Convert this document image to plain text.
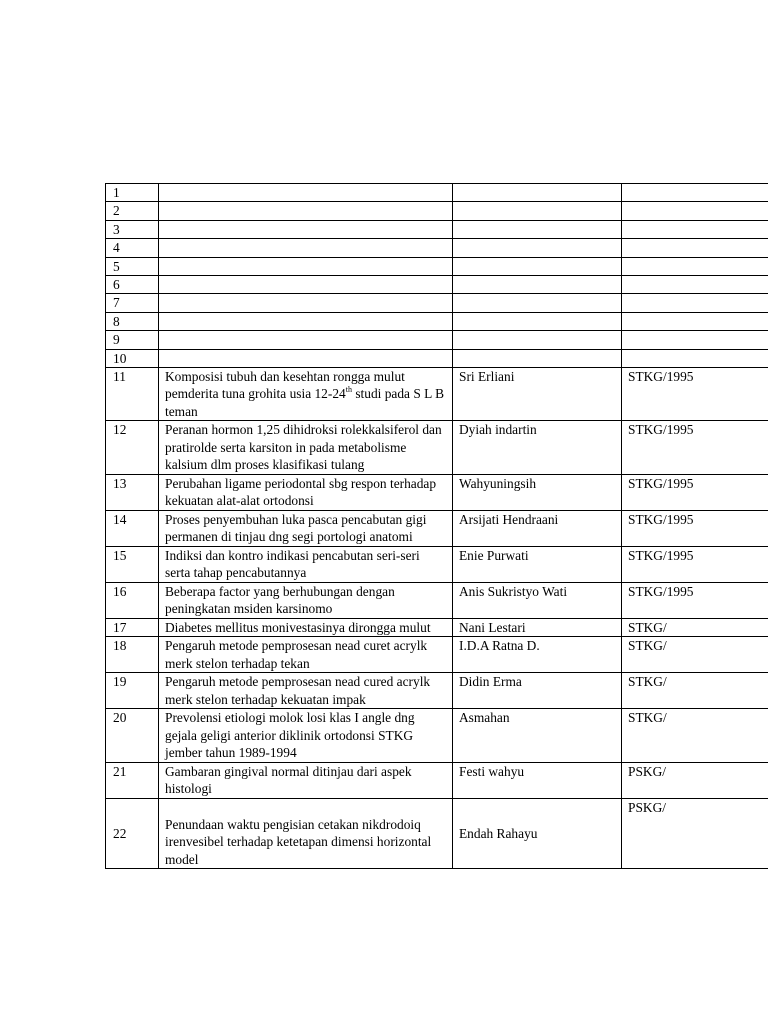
1			
2			
3			
4			
5			
6			
7			
8			
9			
10			
11	Komposisi tubuh dan kesehtan rongga mulut pemderita tuna grohita usia 12-24th studi pada S L B teman	Sri Erliani	STKG/1995
12	Peranan hormon 1,25 dihidroksi rolekkalsiferol dan pratirolde serta karsiton in pada metabolisme kalsium dlm proses klasifikasi tulang	Dyiah indartin	STKG/1995
13	Perubahan ligame periodontal sbg respon terhadap kekuatan alat-alat ortodonsi	Wahyuningsih	STKG/1995
14	Proses penyembuhan luka pasca pencabutan gigi permanen di tinjau dng segi portologi anatomi	Arsijati Hendraani	STKG/1995
15	Indiksi dan kontro indikasi pencabutan seri-seri serta tahap pencabutannya	Enie Purwati	STKG/1995
16	Beberapa factor yang berhubungan dengan peningkatan msiden karsinomo	Anis Sukristyo Wati	STKG/1995
17	Diabetes mellitus monivestasinya dirongga mulut	Nani Lestari	STKG/
18	Pengaruh metode pemprosesan nead curet acrylk merk stelon terhadap tekan	I.D.A Ratna D.	STKG/
19	Pengaruh metode pemprosesan nead cured acrylk merk stelon terhadap kekuatan impak	Didin Erma	STKG/
20	Prevolensi etiologi molok losi klas I angle dng gejala geligi anterior diklinik ortodonsi STKG jember tahun 1989-1994	Asmahan	STKG/
21	Gambaran gingival normal ditinjau dari aspek histologi	Festi wahyu	PSKG/
22	Penundaan waktu pengisian cetakan nikdrodoiq irenvesibel terhadap ketetapan dimensi horizontal model	Endah Rahayu	PSKG/
